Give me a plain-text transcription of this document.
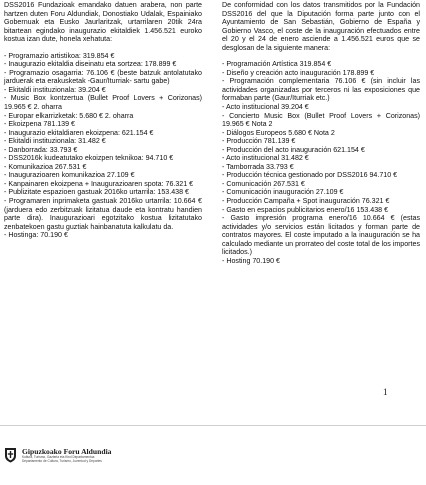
DSS2016 Fundazioak emandako datuen arabera, non parte hartzen duten Foru Aldundiak, Donostiako Udalak, Espainiako Gobernuak eta Eusko Jaurlaritzak, urtarrilaren 20tik 24ra bitartean egindako inaugurazio ekitaldiek 1.456.521 euroko kostua izan dute, honela xehatuta:

- Programazio artistikoa: 319.854 €
- Inaugurazio ekitaldia diseinatu eta sortzea: 178.899 €
- Programazio osagarria: 76.106 € (beste batzuk antolatutako jarduerak eta erakusketak -Gaur/Iturriak- sartu gabe)
- Ekitaldi instituzionala: 39.204 €
- Music Box kontzertua (Bullet Proof Lovers + Corizonas) 19.965 € 2. oharra
- Europar elkarrizketak: 5.680 € 2. oharra
- Ekoizpena 781.139 €
- Inaugurazio ekitaldiaren ekoizpena: 621.154 €
- Ekitaldi instituzionala: 31.482 €
- Danborrada: 33.793 €
- DSS2016k kudeatutako ekoizpen teknikoa: 94.710 €
- Komunikazioa 267.531 €
- Inaugurazioaren komunikazioa 27.109 €
- Kanpainaren ekoizpena + Inaugurazioaren spota: 76.321 €
- Publizitate espazioen gastuak 2016ko urtarrila: 153.438 €
- Programaren inprimaketa gastuak 2016ko urtarrila: 10.664 € (jarduera edo zerbitzuak lizitatua daude eta kontratu handien parte dira). Inaugurazioari egotzitako kostua lizitatutako zenbatekoen gastu guztiak hainbanatuta kalkulatu da.
- Hostinga: 70.190 €

De conformidad con los datos transmitidos por la Fundación DSS2016 del que la Diputación forma parte junto con el Ayuntamiento de San Sebastián, Gobierno de España y Gobierno Vasco, el coste de la inauguración efectuados entre el 20 y el 24 de enero asciende a 1.456.521 euros que se desglosan de la siguiente manera:

- Programación Artística 319.854 €
- Diseño y creación acto inauguración 178.899 €
- Programación complementaria 76.106 € (sin incluir las actividades organizadas por terceros ni las exposiciones que formaban parte (Gaur/Iturriak etc.)
- Acto institucional 39.204 €
- Concierto Music Box (Bullet Proof Lovers + Corizonas) 19.965 € Nota 2
- Diálogos Europeos 5.680 € Nota 2
- Producción 781.139 €
- Producción del acto inauguración 621.154 €
- Acto institucional 31.482 €
- Tamborrada 33.793 €
- Producción técnica gestionado por DSS2016 94.710 €
- Comunicación 267.531 €
- Comunicación inauguración 27.109 €
- Producción Campaña + Spot inauguración 76.321 €
- Gasto en espacios publicitarios enero/16 153.438 €
- Gasto impresión programa enero/16 10.664 € (estas actividades y/o servicios están licitados y forman parte de contratos mayores. El coste imputado a la inauguración se ha calculado mediante un prorrateo del coste total de los importes licitados.)
- Hosting 70.190 €
1
Gipuzkoako Foru Aldundia
Kultura, Turismo, Gazteria eta Kirol Departamentua
Departamento de Cultura, Turismo, Juventud y Deportes
